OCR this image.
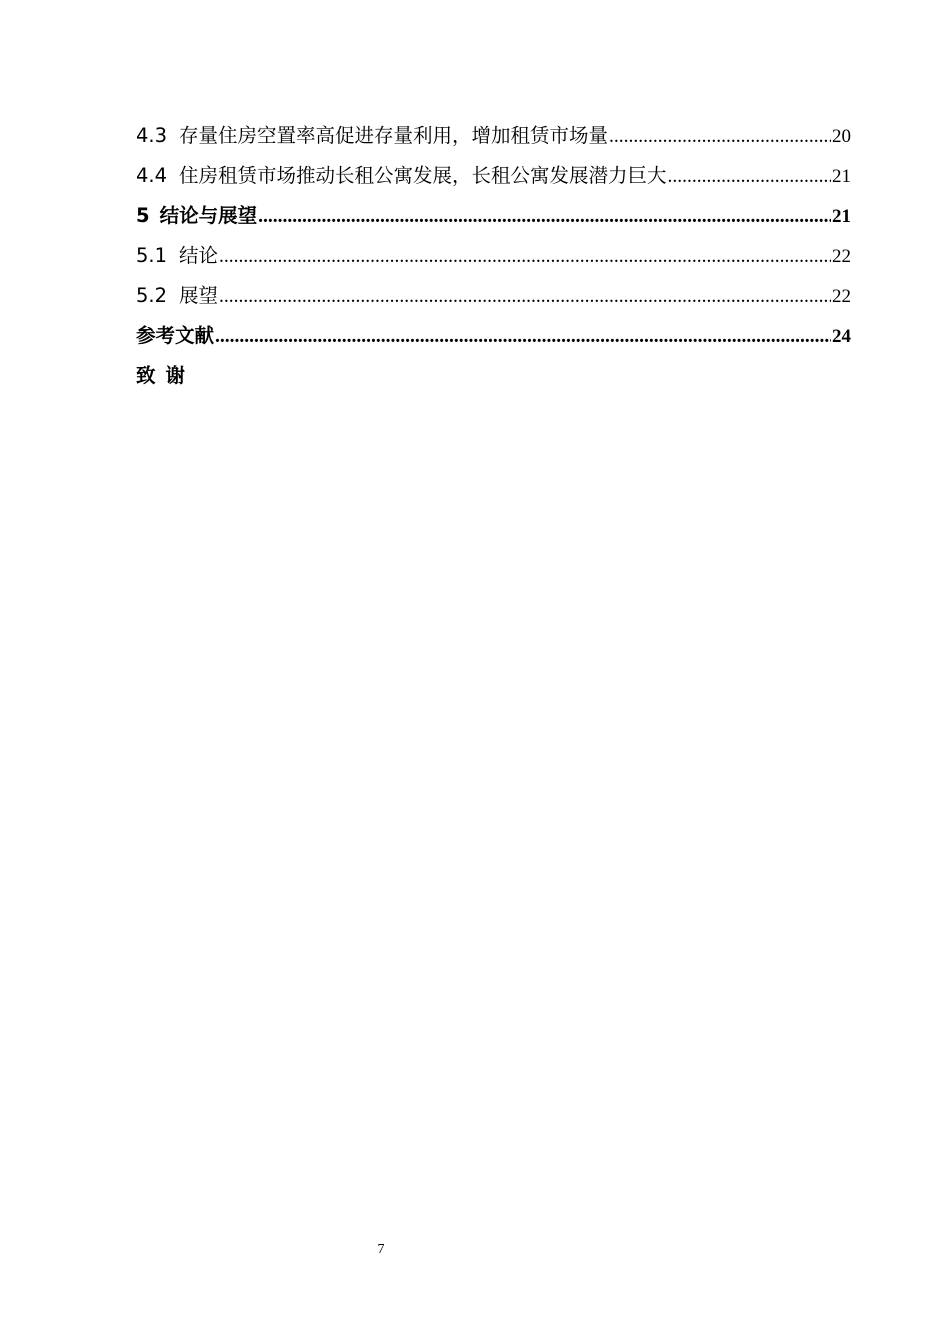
4.3 存量住房空置率高促进存量利用，增加租赁市场量 .....	20
4.4 住房租赁市场推动长租公寓发展，长租公寓发展潜力巨大 .....	21
5 结论与展望 .....	21
5.1 结论 .....	22
5.2 展望 .....	22
参考文献 .....	24
致谢
7
